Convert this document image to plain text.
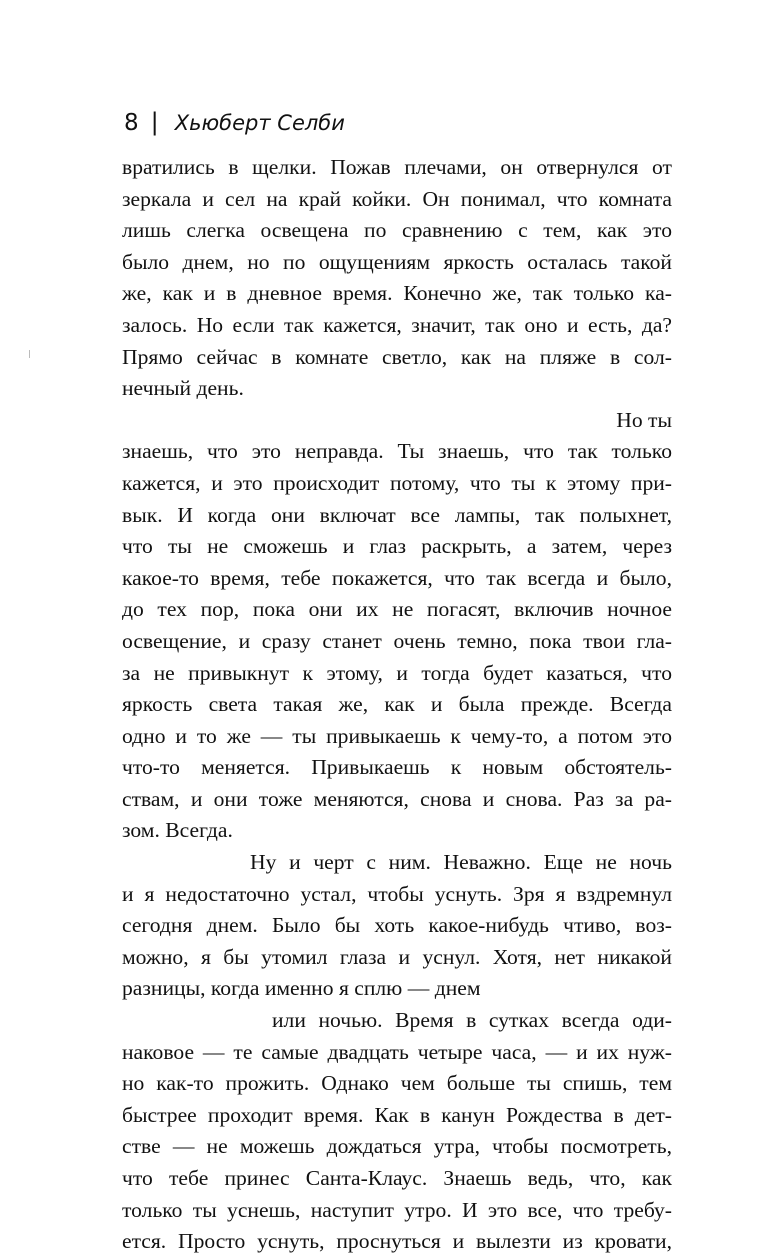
8 | Хьюберт Селби
вратились в щелки. Пожав плечами, он отвернулся от
зеркала и сел на край койки. Он понимал, что комната
лишь слегка освещена по сравнению с тем, как это
было днем, но по ощущениям яркость осталась такой
же, как и в дневное время. Конечно же, так только ка-
залось. Но если так кажется, значит, так оно и есть, да?
Прямо сейчас в комнате светло, как на пляже в сол-
нечный день.
Но ты
знаешь, что это неправда. Ты знаешь, что так только
кажется, и это происходит потому, что ты к этому при-
вык. И когда они включат все лампы, так полыхнет,
что ты не сможешь и глаз раскрыть, а затем, через
какое-то время, тебе покажется, что так всегда и было,
до тех пор, пока они их не погасят, включив ночное
освещение, и сразу станет очень темно, пока твои гла-
за не привыкнут к этому, и тогда будет казаться, что
яркость света такая же, как и была прежде. Всегда
одно и то же — ты привыкаешь к чему-то, а потом это
что-то меняется. Привыкаешь к новым обстоятель-
ствам, и они тоже меняются, снова и снова. Раз за ра-
зом. Всегда.
Ну и черт с ним. Неважно. Еще не ночь
и я недостаточно устал, чтобы уснуть. Зря я вздремнул
сегодня днем. Было бы хоть какое-нибудь чтиво, воз-
можно, я бы утомил глаза и уснул. Хотя, нет никакой
разницы, когда именно я сплю — днем
или ночью. Время в сутках всегда оди-
наковое — те самые двадцать четыре часа, — и их нуж-
но как-то прожить. Однако чем больше ты спишь, тем
быстрее проходит время. Как в канун Рождества в дет-
стве — не можешь дождаться утра, чтобы посмотреть,
что тебе принес Санта-Клаус. Знаешь ведь, что, как
только ты уснешь, наступит утро. И это все, что требу-
ется. Просто уснуть, проснуться и вылезти из кровати,
